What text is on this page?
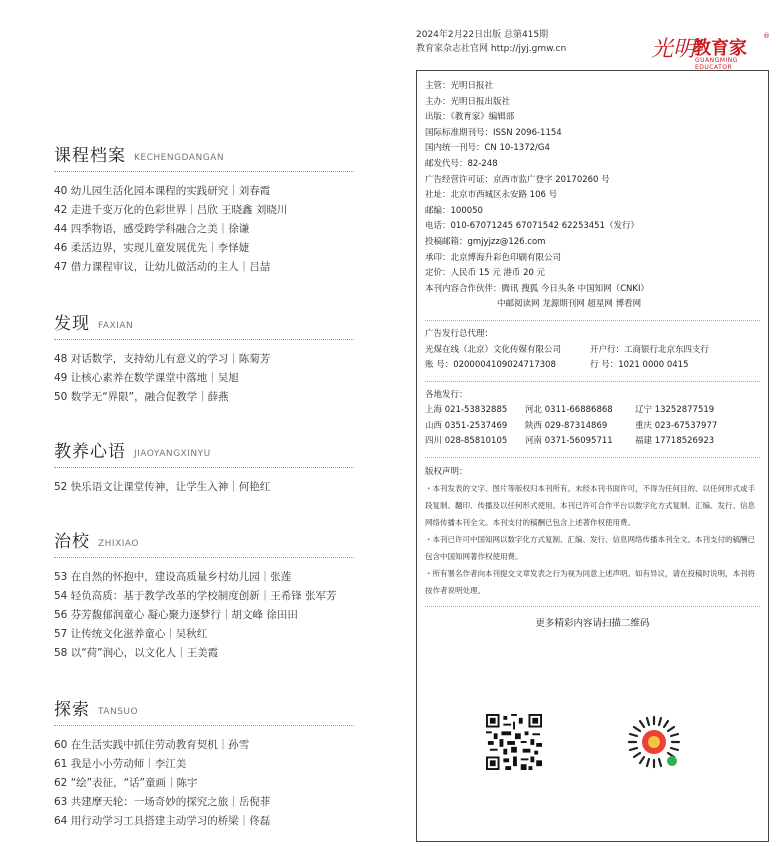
课程档案 KECHENGDANGAN
40 幼儿园生活化园本课程的实践研究｜刘春霞
42 走进千变万化的色彩世界｜吕欣 王晓鑫 刘晓川
44 四季物语，感受跨学科融合之美｜徐谦
46 柔活边界，实现儿童发展优先｜李怿婕
47 借力课程审议，让幼儿做活动的主人｜吕喆
发现 FAXIAN
48 对话数学，支持幼儿有意义的学习｜陈菊芳
49 让核心素养在数学课堂中落地｜吴旭
50 数学无“界限”，融合促教学｜薛燕
教养心语 JIAOYANGXINYU
52 快乐语文让课堂传神，让学生入神｜何艳红
治校 ZHIXIAO
53 在自然的怀抱中，建设高质量乡村幼儿园｜张莲
54 轻负高质：基于教学改革的学校制度创新｜王希锋 张军芳
56 芬芳馥郁润童心 凝心聚力逐梦行｜胡文峰 徐田田
57 让传统文化滋养童心｜吴秋红
58 以“荷”润心，以文化人｜王美霞
探索 TANSUO
60 在生活实践中抓住劳动教育契机｜孙雪
61 我是小小劳动师｜李江美
62 “绘”表征，“话”童画｜陈宇
63 共建摩天轮：一场奇妙的探究之旅｜岳倪菲
64 用行动学习工具搭建主动学习的桥梁｜佟磊
2024年2月22日出版 总第415期
教育家杂志社官网 http://jyj.gmw.cn	光明
教育家
GUANGMING EDUCATOR
®
主管：光明日报社
主办：光明日报出版社
出版：《教育家》编辑部
国际标准期刊号：ISSN 2096-1154
国内统一刊号：CN 10-1372/G4
邮发代号：82-248
广告经营许可证：京西市监广登字 20170260 号
社址：北京市西城区永安路 106 号
邮编：100050
电话：010-67071245 67071542 62253451（发行）
投稿邮箱：gmjyjzz@126.com
承印：北京博海升彩色印刷有限公司
定价：人民币 15 元 港币 20 元
本刊内容合作伙伴：腾讯 搜狐 今日头条 中国知网（CNKI）
中邮阅读网 龙源期刊网 超星网 博看网
广告发行总代理：
光煤在线（北京）文化传媒有限公司	开户行：工商银行北京东四支行
账 号：0200004109024717308	行 号：1021 0000 0415
各地发行：
上海 021-53832885	河北 0311-66886868	辽宁 13252877519
山西 0351-2537469	陕西 029-87314869	重庆 023-67537977
四川 028-85810105	河南 0371-56095711	福建 17718526923
版权声明：
・本刊发表的文字、图片等版权归本刊所有。未经本刊书面许可，不得为任何目的、以任何形式或手段复制、翻印、传播及以任何形式使用。本刊已许可合作平台以数字化方式复制、汇编、发行、信息网络传播本刊全文。本刊支付的稿酬已包含上述著作权使用费。
・本刊已许可中国知网以数字化方式复制、汇编、发行、信息网络传播本刊全文。本刊支付的稿酬已包含中国知网著作权使用费。
・所有署名作者向本刊提交文章发表之行为视为同意上述声明。如有异议，请在投稿时说明，本刊将按作者说明处理。
更多精彩内容请扫描二维码
